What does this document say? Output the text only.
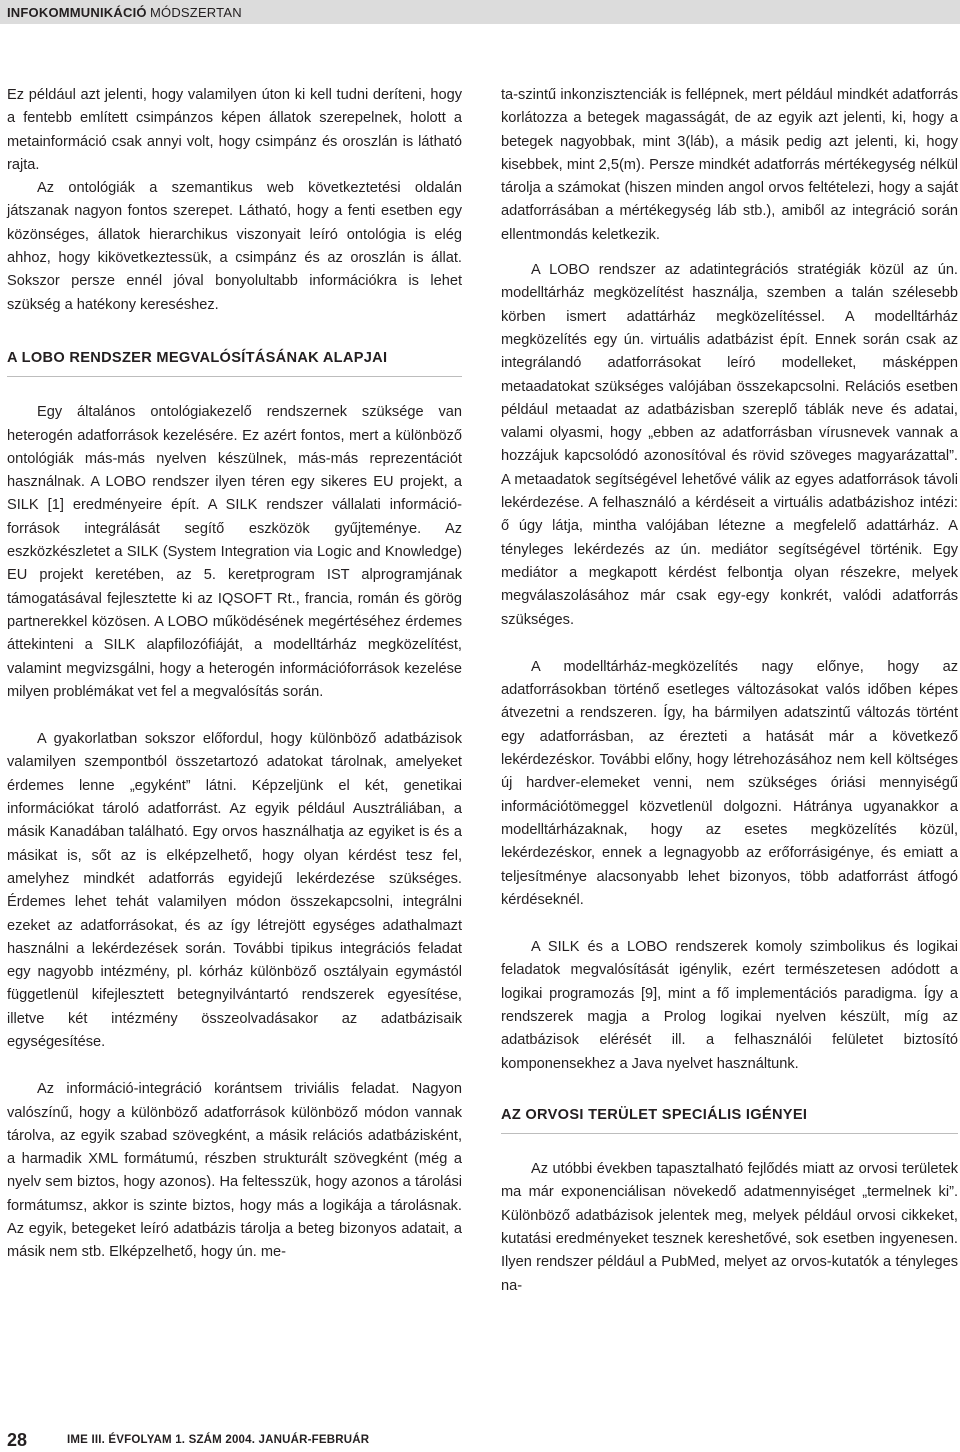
INFOKOMMUNIKÁCIÓ MÓDSZERTAN

Ez például azt jelenti, hogy valamilyen úton ki kell tudni deríteni, hogy a fentebb említett csimpánzos képen állatok szerepelnek, holott a metainformáció csak annyi volt, hogy csimpánz és oroszlán is látható rajta.

Az ontológiák a szemantikus web következtetési oldalán játszanak nagyon fontos szerepet. Látható, hogy a fenti esetben egy közönséges, állatok hierarchikus viszonyait leíró ontológia is elég ahhoz, hogy kikövetkeztessük, a csimpánz és az oroszlán is állat. Sokszor persze ennél jóval bonyolultabb információkra is lehet szükség a hatékony kereséshez.

A LOBO RENDSZER MEGVALÓSÍTÁSÁNAK ALAPJAI

Egy általános ontológiakezelő rendszernek szüksége van heterogén adatforrások kezelésére. Ez azért fontos, mert a különböző ontológiák más-más nyelven készülnek, más-más reprezentációt használnak. A LOBO rendszer ilyen téren egy sikeres EU projekt, a SILK [1] eredményeire épít. A SILK rendszer vállalati információ-források integrálását segítő eszközök gyűjteménye. Az eszközkészletet a SILK (System Integration via Logic and Knowledge) EU projekt keretében, az 5. keretprogram IST alprogramjának támogatásával fejlesztette ki az IQSOFT Rt., francia, román és görög partnerekkel közösen. A LOBO működésének megértéséhez érdemes áttekinteni a SILK alapfilozófiáját, a modelltárház megközelítést, valamint megvizsgálni, hogy a heterogén információforrások kezelése milyen problémákat vet fel a megvalósítás során.

A gyakorlatban sokszor előfordul, hogy különböző adatbázisok valamilyen szempontból összetartozó adatokat tárolnak, amelyeket érdemes lenne „egyként” látni. Képzeljünk el két, genetikai információkat tároló adatforrást. Az egyik például Ausztráliában, a másik Kanadában található. Egy orvos használhatja az egyiket is és a másikat is, sőt az is elképzelhető, hogy olyan kérdést tesz fel, amelyhez mindkét adatforrás egyidejű lekérdezése szükséges. Érdemes lehet tehát valamilyen módon összekapcsolni, integrálni ezeket az adatforrásokat, és az így létrejött egységes adathalmazt használni a lekérdezések során. További tipikus integrációs feladat egy nagyobb intézmény, pl. kórház különböző osztályain egymástól függetlenül kifejlesztett betegnyilvántartó rendszerek egyesítése, illetve két intézmény összeolvadásakor az adatbázisaik egységesítése.

Az információ-integráció korántsem triviális feladat. Nagyon valószínű, hogy a különböző adatforrások különböző módon vannak tárolva, az egyik szabad szövegként, a másik relációs adatbázisként, a harmadik XML formátumú, részben strukturált szövegként (még a nyelv sem biztos, hogy azonos). Ha feltesszük, hogy azonos a tárolási formátumsz, akkor is szinte biztos, hogy más a logikája a tárolásnak. Az egyik, betegeket leíró adatbázis tárolja a beteg bizonyos adatait, a másik nem stb. Elképzelhető, hogy ún. me-

ta-szintű inkonzisztenciák is fellépnek, mert például mindkét adatforrás korlátozza a betegek magasságát, de az egyik azt jelenti, ki, hogy a betegek nagyobbak, mint 3(láb), a másik pedig azt jelenti, ki, hogy kisebbek, mint 2,5(m). Persze mindkét adatforrás mértékegység nélkül tárolja a számokat (hiszen minden angol orvos feltételezi, hogy a saját adatforrásában a mértékegység láb stb.), amiből az integráció során ellentmondás keletkezik.

A LOBO rendszer az adatintegrációs stratégiák közül az ún. modelltárház megközelítést használja, szemben a talán szélesebb körben ismert adattárház megközelítéssel. A modelltárház megközelítés egy ún. virtuális adatbázist épít. Ennek során csak az integrálandó adatforrásokat leíró modelleket, másképpen metaadatokat szükséges valójában összekapcsolni. Relációs esetben például metaadat az adatbázisban szereplő táblák neve és adatai, valami olyasmi, hogy „ebben az adatforrásban vírusnevek vannak a hozzájuk kapcsolódó azonosítóval és rövid szöveges magyarázattal”. A metaadatok segítségével lehetővé válik az egyes adatforrások távoli lekérdezése. A felhasználó a kérdéseit a virtuális adatbázishoz intézi: ő úgy látja, mintha valójában létezne a megfelelő adattárház. A tényleges lekérdezés az ún. mediátor segítségével történik. Egy mediátor a megkapott kérdést felbontja olyan részekre, melyek megválaszolásához már csak egy-egy konkrét, valódi adatforrás szükséges.

A modelltárház-megközelítés nagy előnye, hogy az adatforrásokban történő esetleges változásokat valós időben képes átvezetni a rendszeren. Így, ha bármilyen adatszintű változás történt egy adatforrásban, az érezteti a hatását már a következő lekérdezéskor. További előny, hogy létrehozásához nem kell költséges új hardver-elemeket venni, nem szükséges óriási mennyiségű információtömeggel közvetlenül dolgozni. Hátránya ugyanakkor a modelltárházaknak, hogy az esetes megközelítés közül, lekérdezéskor, ennek a legnagyobb az erőforrásigénye, és emiatt a teljesítménye alacsonyabb lehet bizonyos, több adatforrást átfogó kérdéseknél.

A SILK és a LOBO rendszerek komoly szimbolikus és logikai feladatok megvalósítását igénylik, ezért természetesen adódott a logikai programozás [9], mint a fő implementációs paradigma. Így a rendszerek magja a Prolog logikai nyelven készült, míg az adatbázisok elérését ill. a felhasználói felületet biztosító komponensekhez a Java nyelvet használtunk.

AZ ORVOSI TERÜLET SPECIÁLIS IGÉNYEI

Az utóbbi években tapasztalható fejlődés miatt az orvosi területek ma már exponenciálisan növekedő adatmennyiséget „termelnek ki”. Különböző adatbázisok jelentek meg, melyek például orvosi cikkeket, kutatási eredményeket tesznek kereshetővé, sok esetben ingyenesen. Ilyen rendszer például a PubMed, melyet az orvos-kutatók a tényleges na-

28	IME III. ÉVFOLYAM 1. SZÁM 2004. JANUÁR-FEBRUÁR
